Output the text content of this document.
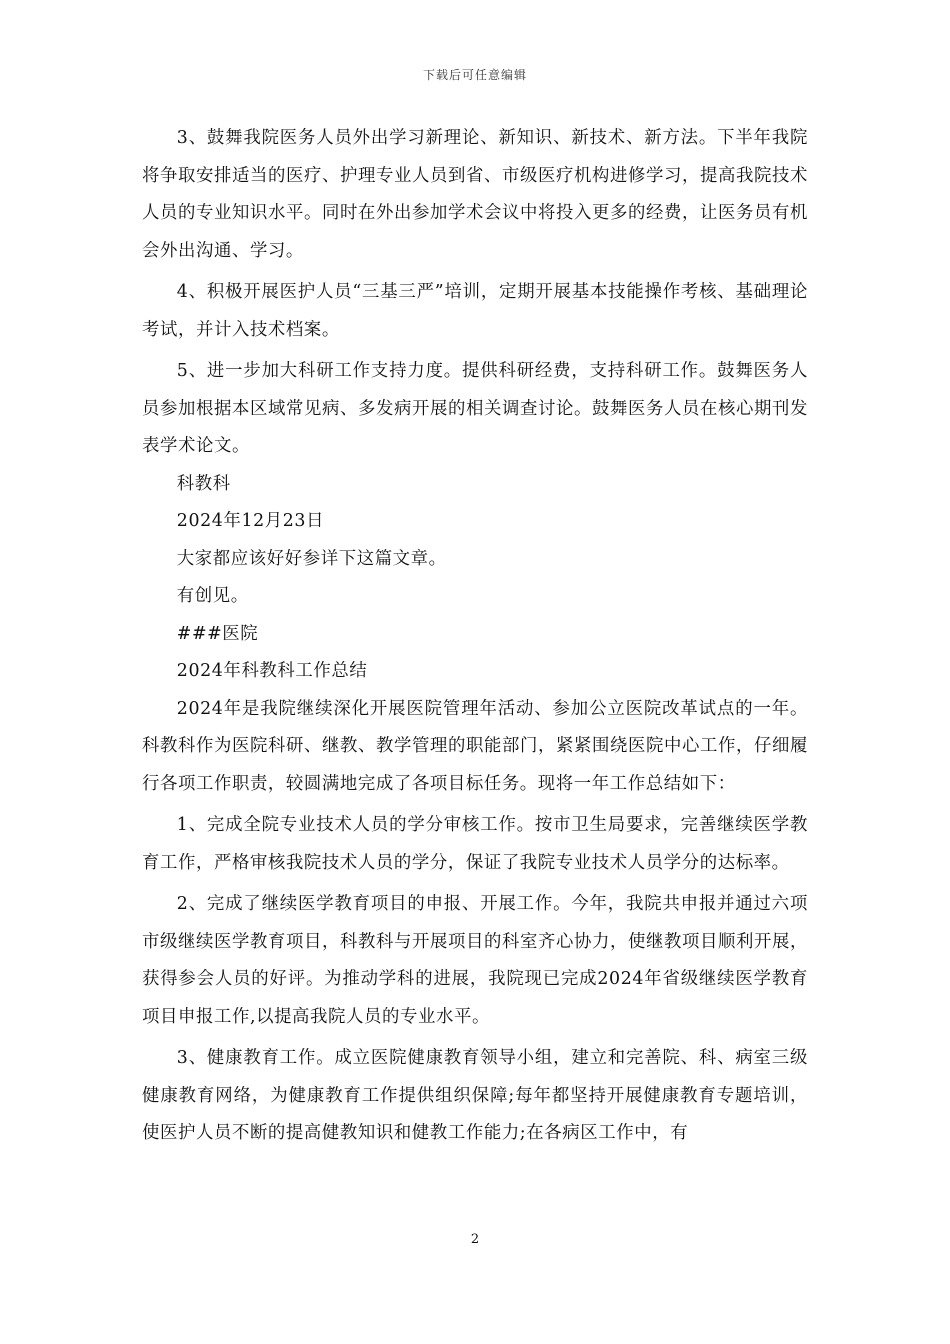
下载后可任意编辑

3、鼓舞我院医务人员外出学习新理论、新知识、新技术、新方法。下半年我院将争取安排适当的医疗、护理专业人员到省、市级医疗机构进修学习，提高我院技术人员的专业知识水平。同时在外出参加学术会议中将投入更多的经费，让医务员有机会外出沟通、学习。

4、积极开展医护人员“三基三严”培训，定期开展基本技能操作考核、基础理论考试，并计入技术档案。

5、进一步加大科研工作支持力度。提供科研经费，支持科研工作。鼓舞医务人员参加根据本区域常见病、多发病开展的相关调查讨论。鼓舞医务人员在核心期刊发表学术论文。

科教科

2024年12月23日

大家都应该好好参详下这篇文章。

有创见。

###医院

2024年科教科工作总结

2024年是我院继续深化开展医院管理年活动、参加公立医院改革试点的一年。科教科作为医院科研、继教、教学管理的职能部门，紧紧围绕医院中心工作，仔细履行各项工作职责，较圆满地完成了各项目标任务。现将一年工作总结如下：

1、完成全院专业技术人员的学分审核工作。按市卫生局要求，完善继续医学教育工作，严格审核我院技术人员的学分，保证了我院专业技术人员学分的达标率。

2、完成了继续医学教育项目的申报、开展工作。今年，我院共申报并通过六项市级继续医学教育项目，科教科与开展项目的科室齐心协力，使继教项目顺利开展，获得参会人员的好评。为推动学科的进展，我院现已完成2024年省级继续医学教育项目申报工作,以提高我院人员的专业水平。

3、健康教育工作。成立医院健康教育领导小组，建立和完善院、科、病室三级健康教育网络，为健康教育工作提供组织保障;每年都坚持开展健康教育专题培训，使医护人员不断的提高健教知识和健教工作能力;在各病区工作中，有

2
